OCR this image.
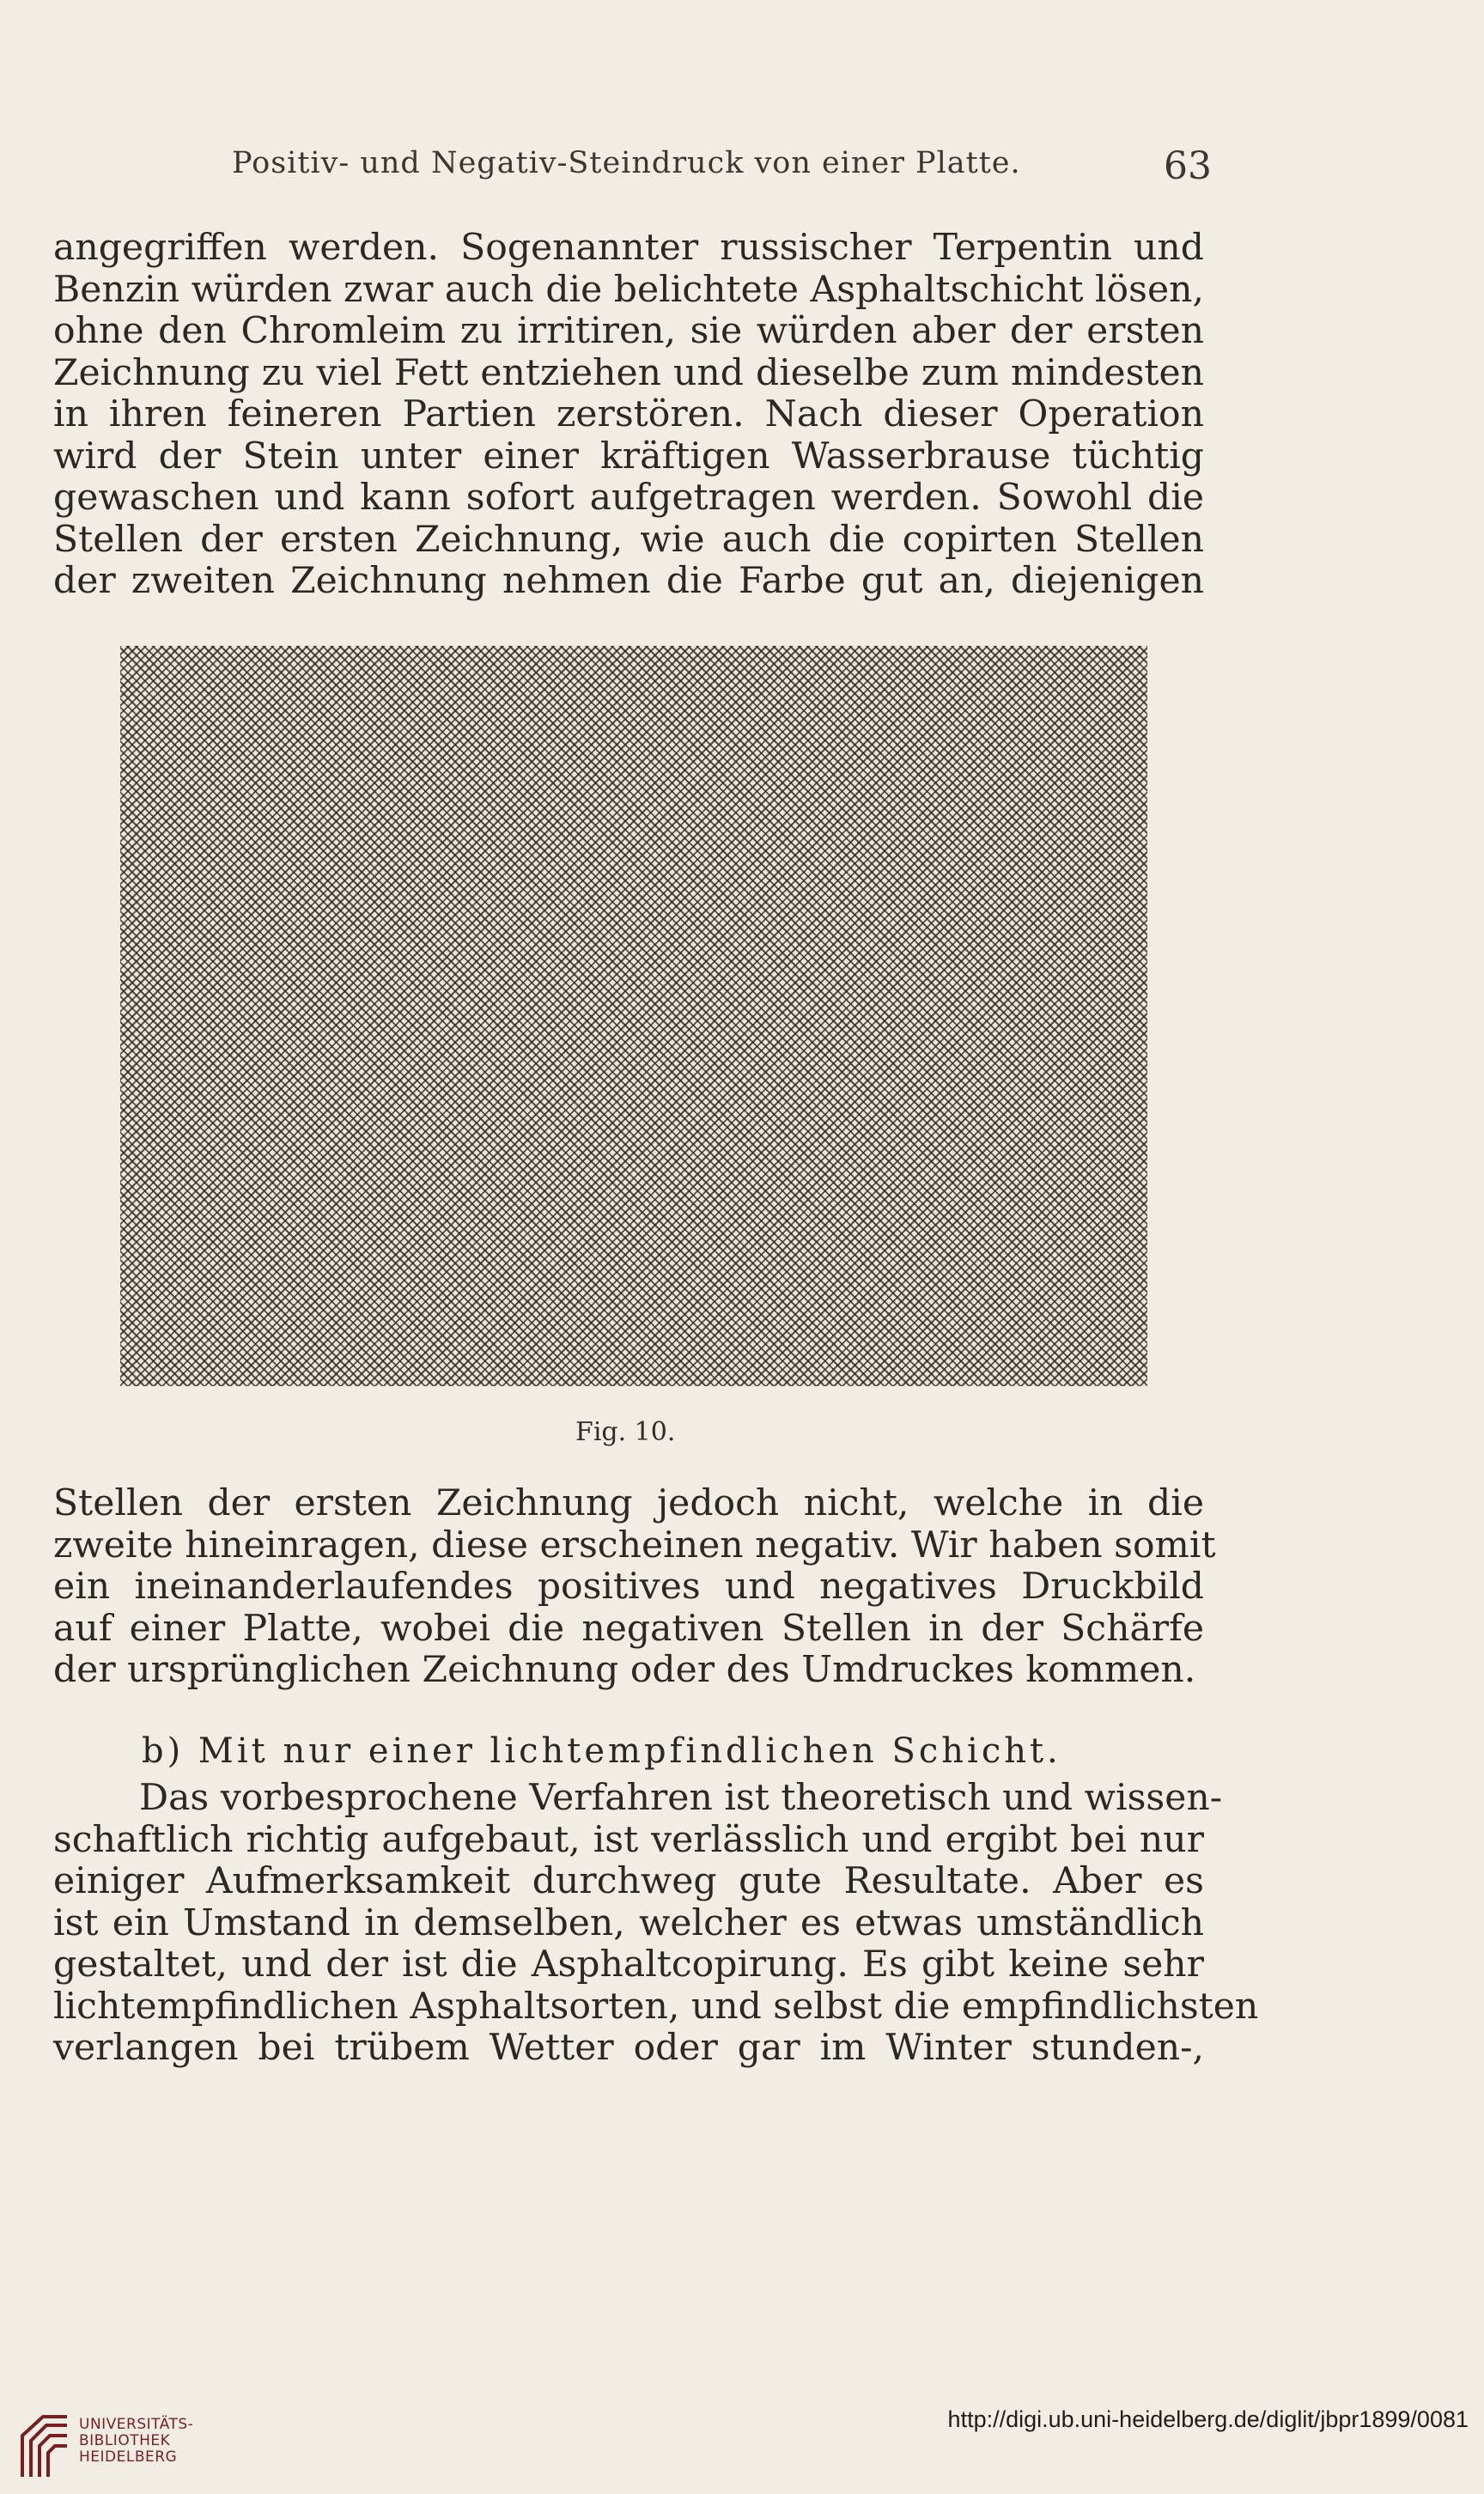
Positiv- und Negativ-Steindruck von einer Platte.	63

angegriffen werden. Sogenannter russischer Terpentin und
Benzin würden zwar auch die belichtete Asphaltschicht lösen,
ohne den Chromleim zu irritiren, sie würden aber der ersten
Zeichnung zu viel Fett entziehen und dieselbe zum mindesten
in ihren feineren Partien zerstören. Nach dieser Operation
wird der Stein unter einer kräftigen Wasserbrause tüchtig
gewaschen und kann sofort aufgetragen werden. Sowohl die
Stellen der ersten Zeichnung, wie auch die copirten Stellen
der zweiten Zeichnung nehmen die Farbe gut an, diejenigen

Fig. 10.

Stellen der ersten Zeichnung jedoch nicht, welche in die
zweite hineinragen, diese erscheinen negativ. Wir haben somit
ein ineinanderlaufendes positives und negatives Druckbild
auf einer Platte, wobei die negativen Stellen in der Schärfe
der ursprünglichen Zeichnung oder des Umdruckes kommen.

b) Mit nur einer lichtempfindlichen Schicht.

Das vorbesprochene Verfahren ist theoretisch und wissen-
schaftlich richtig aufgebaut, ist verlässlich und ergibt bei nur
einiger Aufmerksamkeit durchweg gute Resultate. Aber es
ist ein Umstand in demselben, welcher es etwas umständlich
gestaltet, und der ist die Asphaltcopirung. Es gibt keine sehr
lichtempfindlichen Asphaltsorten, und selbst die empfindlichsten
verlangen bei trübem Wetter oder gar im Winter stunden-,

UNIVERSITÄTS-
BIBLIOTHEK
HEIDELBERG
http://digi.ub.uni-heidelberg.de/diglit/jbpr1899/0081
